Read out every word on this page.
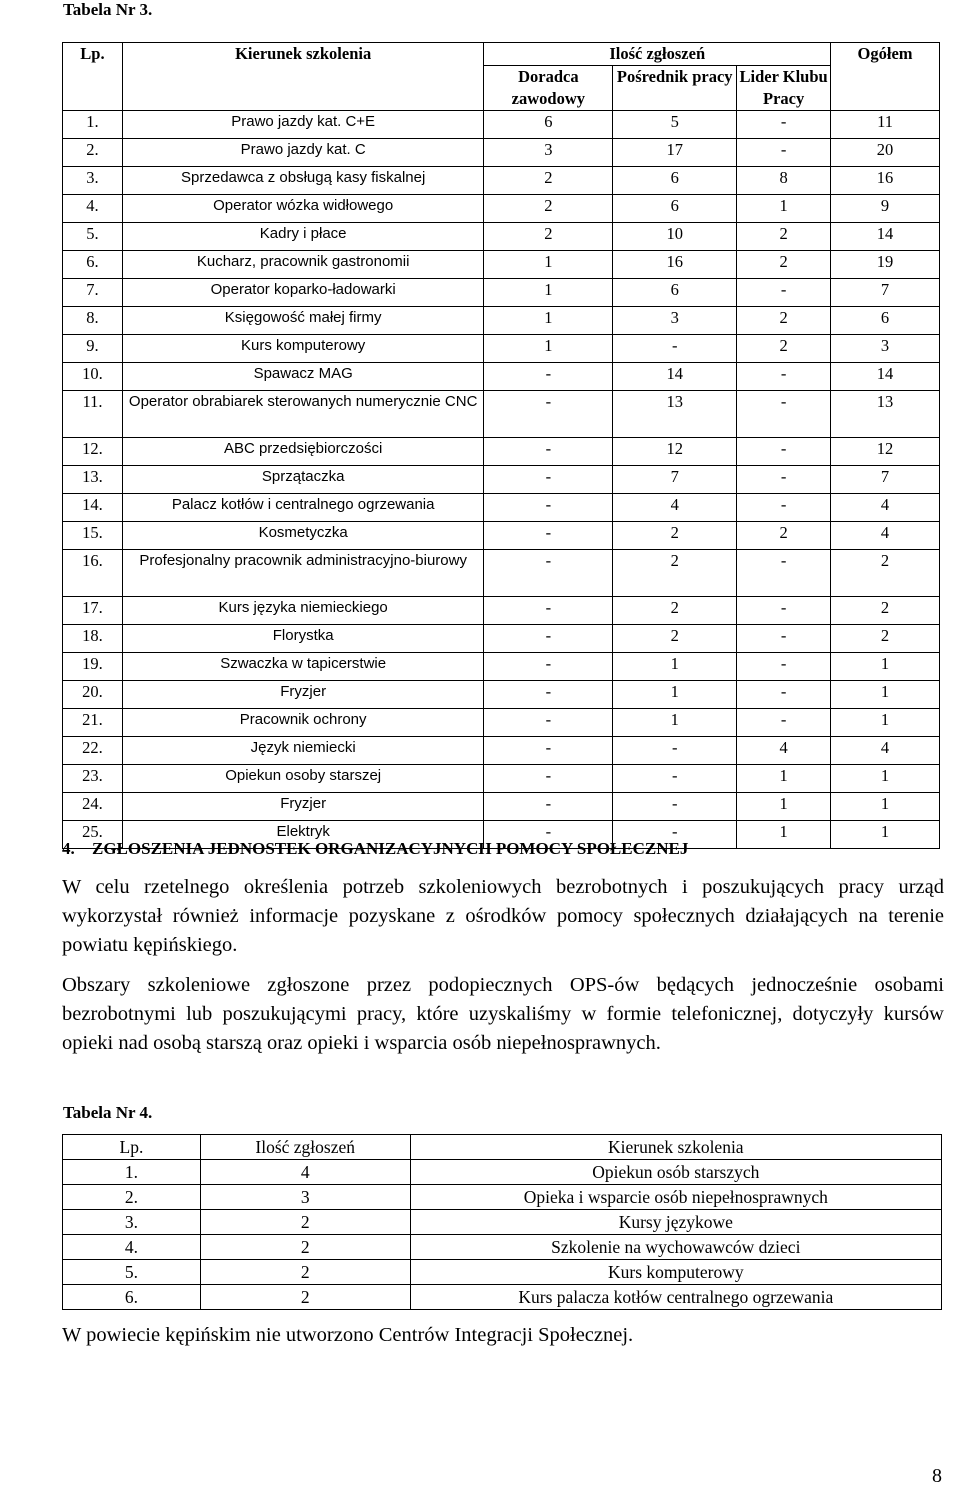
Tabela Nr 3.
Lp.	Kierunek szkolenia	Ilość zgłoszeń			Ogółem
		Doradca zawodowy	Pośrednik pracy	Lider Klubu Pracy	
1.	Prawo jazdy kat. C+E	6	5	-	11
2.	Prawo jazdy kat. C	3	17	-	20
3.	Sprzedawca z obsługą kasy fiskalnej	2	6	8	16
4.	Operator wózka widłowego	2	6	1	9
5.	Kadry i płace	2	10	2	14
6.	Kucharz, pracownik gastronomii	1	16	2	19
7.	Operator koparko-ładowarki	1	6	-	7
8.	Księgowość małej firmy	1	3	2	6
9.	Kurs komputerowy	1	-	2	3
10.	Spawacz MAG	-	14	-	14
11.	Operator obrabiarek sterowanych numerycznie CNC	-	13	-	13
12.	ABC przedsiębiorczości	-	12	-	12
13.	Sprzątaczka	-	7	-	7
14.	Palacz kotłów i centralnego ogrzewania	-	4	-	4
15.	Kosmetyczka	-	2	2	4
16.	Profesjonalny pracownik administracyjno-biurowy	-	2	-	2
17.	Kurs języka niemieckiego	-	2	-	2
18.	Florystka	-	2	-	2
19.	Szwaczka w tapicerstwie	-	1	-	1
20.	Fryzjer	-	1	-	1
21.	Pracownik ochrony	-	1	-	1
22.	Język niemiecki	-	-	4	4
23.	Opiekun osoby starszej	-	-	1	1
24.	Fryzjer	-	-	1	1
25.	Elektryk	-	-	1	1
4. ZGŁOSZENIA JEDNOSTEK ORGANIZACYJNYCH POMOCY SPOŁECZNEJ
W celu rzetelnego określenia potrzeb szkoleniowych bezrobotnych i poszukujących pracy urząd wykorzystał również informacje pozyskane z ośrodków pomocy społecznych działających na terenie powiatu kępińskiego.
Obszary szkoleniowe zgłoszone przez podopiecznych OPS-ów będących jednocześnie osobami bezrobotnymi lub poszukującymi pracy, które uzyskaliśmy w formie telefonicznej, dotyczyły kursów opieki nad osobą starszą oraz opieki i wsparcia osób niepełnosprawnych.
Tabela Nr 4.
Lp.	Ilość zgłoszeń	Kierunek szkolenia
1.	4	Opiekun osób starszych
2.	3	Opieka i wsparcie osób niepełnosprawnych
3.	2	Kursy językowe
4.	2	Szkolenie na wychowawców dzieci
5.	2	Kurs komputerowy
6.	2	Kurs palacza kotłów centralnego ogrzewania
W powiecie kępińskim nie utworzono Centrów Integracji Społecznej.
8
